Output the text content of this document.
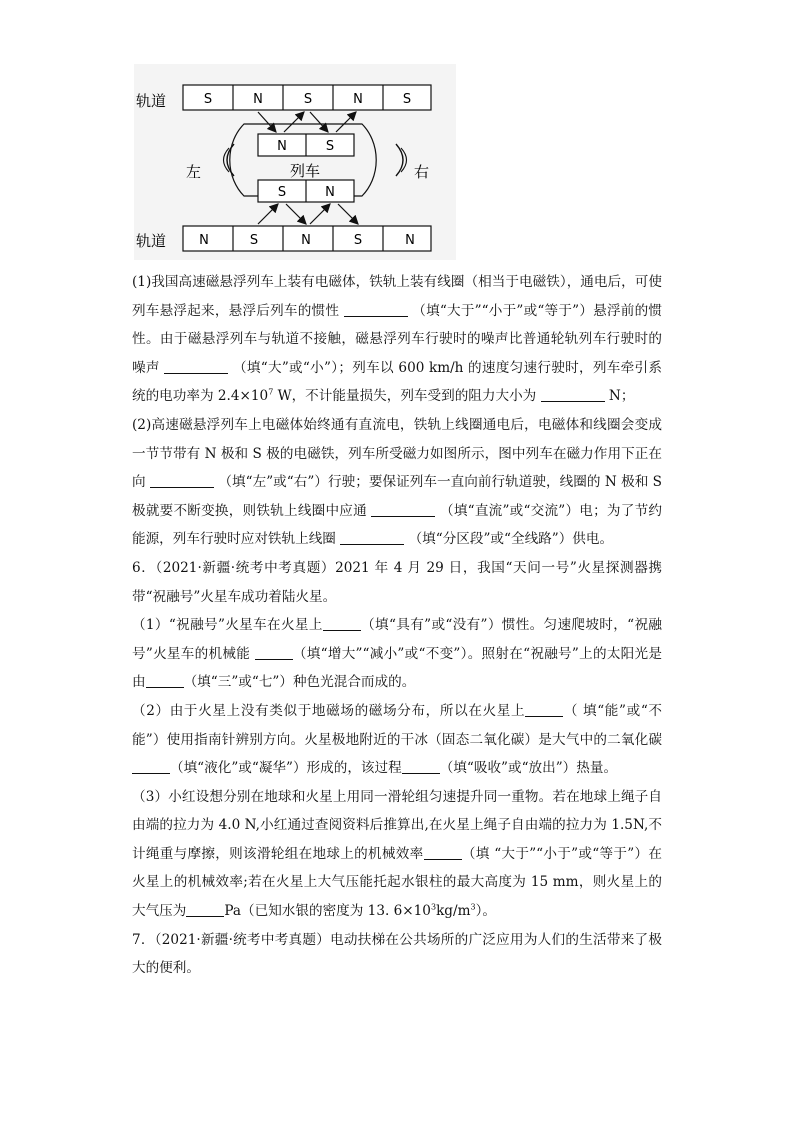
轨道
轨道
S	N	S	N	S
左	右
列车
N	S
S	N
N	S	N	S	N

(1)我国高速磁悬浮列车上装有电磁体，铁轨上装有线圈（相当于电磁铁），通电后，可使列车悬浮起来，悬浮后列车的惯性	（填“大于”“小于”或“等于”）悬浮前的惯性。由于磁悬浮列车与轨道不接触，磁悬浮列车行驶时的噪声比普通轮轨列车行驶时的噪声	（填“大”或“小”）；列车以 600 km/h 的速度匀速行驶时，列车牵引系统的电功率为 $2.4\times 10^7$ W，不计能量损失，列车受到的阻力大小为	N；

(2)高速磁悬浮列车上电磁体始终通有直流电，铁轨上线圈通电后，电磁体和线圈会变成一节节带有 N 极和 S 极的电磁铁，列车所受磁力如图所示，图中列车在磁力作用下正在向	（填“左”或“右”）行驶；要保证列车一直向前行轨道驶，线圈的 N 极和 S 极就要不断变换，则铁轨上线圈中应通	（填“直流”或“交流”）电；为了节约能源，列车行驶时应对铁轨上线圈	（填“分区段”或“全线路”）供电。

6．（2021·新疆·统考中考真题）2021 年 4 月 29 日，我国“天问一号”火星探测器携带“祝融号”火星车成功着陆火星。

（1）“祝融号”火星车在火星上	（填“具有”或“没有”）惯性。匀速爬坡时，“祝融号”火星车的机械能	（填“增大”“减小”或“不变”）。照射在“祝融号”上的太阳光是由	（填“三”或“七”）种色光混合而成的。

（2）由于火星上没有类似于地磁场的磁场分布，所以在火星上	（ 填“能”或“不能”）使用指南针辨别方向。火星极地附近的干冰（固态二氧化碳）是大气中的二氧化碳（填“液化”或“凝华”）形成的，该过程	（填“吸收”或“放出”）热量。

（3）小红设想分别在地球和火星上用同一滑轮组匀速提升同一重物。若在地球上绳子自由端的拉力为 4.0 N,小红通过查阅资料后推算出,在火星上绳子自由端的拉力为 1.5N,不计绳重与摩擦，则该滑轮组在地球上的机械效率	（填 “大于”“小于”或“等于”）在火星上的机械效率;若在火星上大气压能托起水银柱的最大高度为 15 mm，则火星上的大气压为	Pa（已知水银的密度为 13. $6\times 10^3kg/m^3$）。

7．（2021·新疆·统考中考真题）电动扶梯在公共场所的广泛应用为人们的生活带来了极大的便利。
